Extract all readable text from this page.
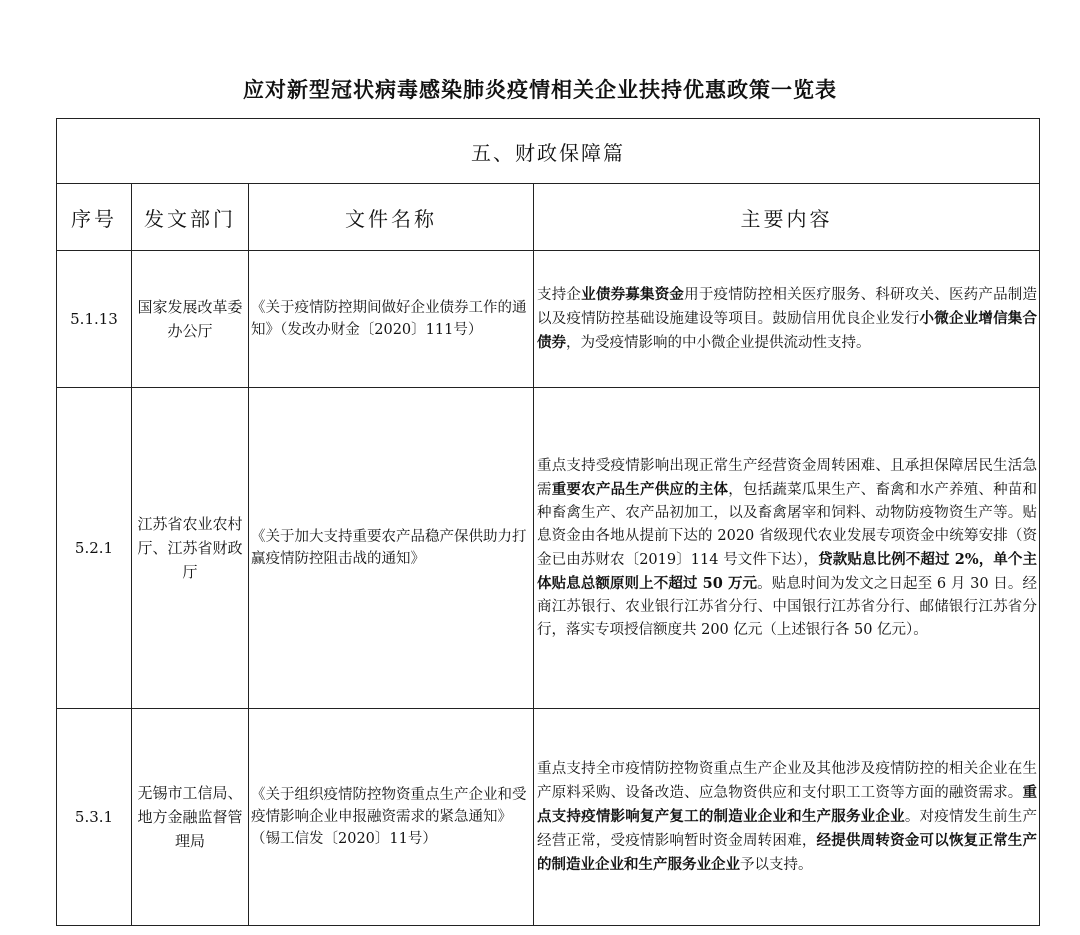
应对新型冠状病毒感染肺炎疫情相关企业扶持优惠政策一览表
五、财政保障篇			
序号	发文部门	文件名称	主要内容
5.1.13	国家发展改革委办公厅	《关于疫情防控期间做好企业债券工作的通知》（发改办财金〔2020〕111号）	支持企业债券募集资金用于疫情防控相关医疗服务、科研攻关、医药产品制造以及疫情防控基础设施建设等项目。鼓励信用优良企业发行小微企业增信集合债券，为受疫情影响的中小微企业提供流动性支持。
5.2.1	江苏省农业农村厅、江苏省财政厅	《关于加大支持重要农产品稳产保供助力打赢疫情防控阻击战的通知》	重点支持受疫情影响出现正常生产经营资金周转困难、且承担保障居民生活急需重要农产品生产供应的主体，包括蔬菜瓜果生产、畜禽和水产养殖、种苗和种畜禽生产、农产品初加工，以及畜禽屠宰和饲料、动物防疫物资生产等。贴息资金由各地从提前下达的 2020 省级现代农业发展专项资金中统筹安排（资金已由苏财农〔2019〕114 号文件下达），贷款贴息比例不超过 2%，单个主体贴息总额原则上不超过 50 万元。贴息时间为发文之日起至 6 月 30 日。经商江苏银行、农业银行江苏省分行、中国银行江苏省分行、邮储银行江苏省分行，落实专项授信额度共 200 亿元（上述银行各 50 亿元）。
5.3.1	无锡市工信局、地方金融监督管理局	《关于组织疫情防控物资重点生产企业和受疫情影响企业申报融资需求的紧急通知》（锡工信发〔2020〕11号）	重点支持全市疫情防控物资重点生产企业及其他涉及疫情防控的相关企业在生产原料采购、设备改造、应急物资供应和支付职工工资等方面的融资需求。重点支持疫情影响复产复工的制造业企业和生产服务业企业。对疫情发生前生产经营正常，受疫情影响暂时资金周转困难，经提供周转资金可以恢复正常生产的制造业企业和生产服务业企业予以支持。
